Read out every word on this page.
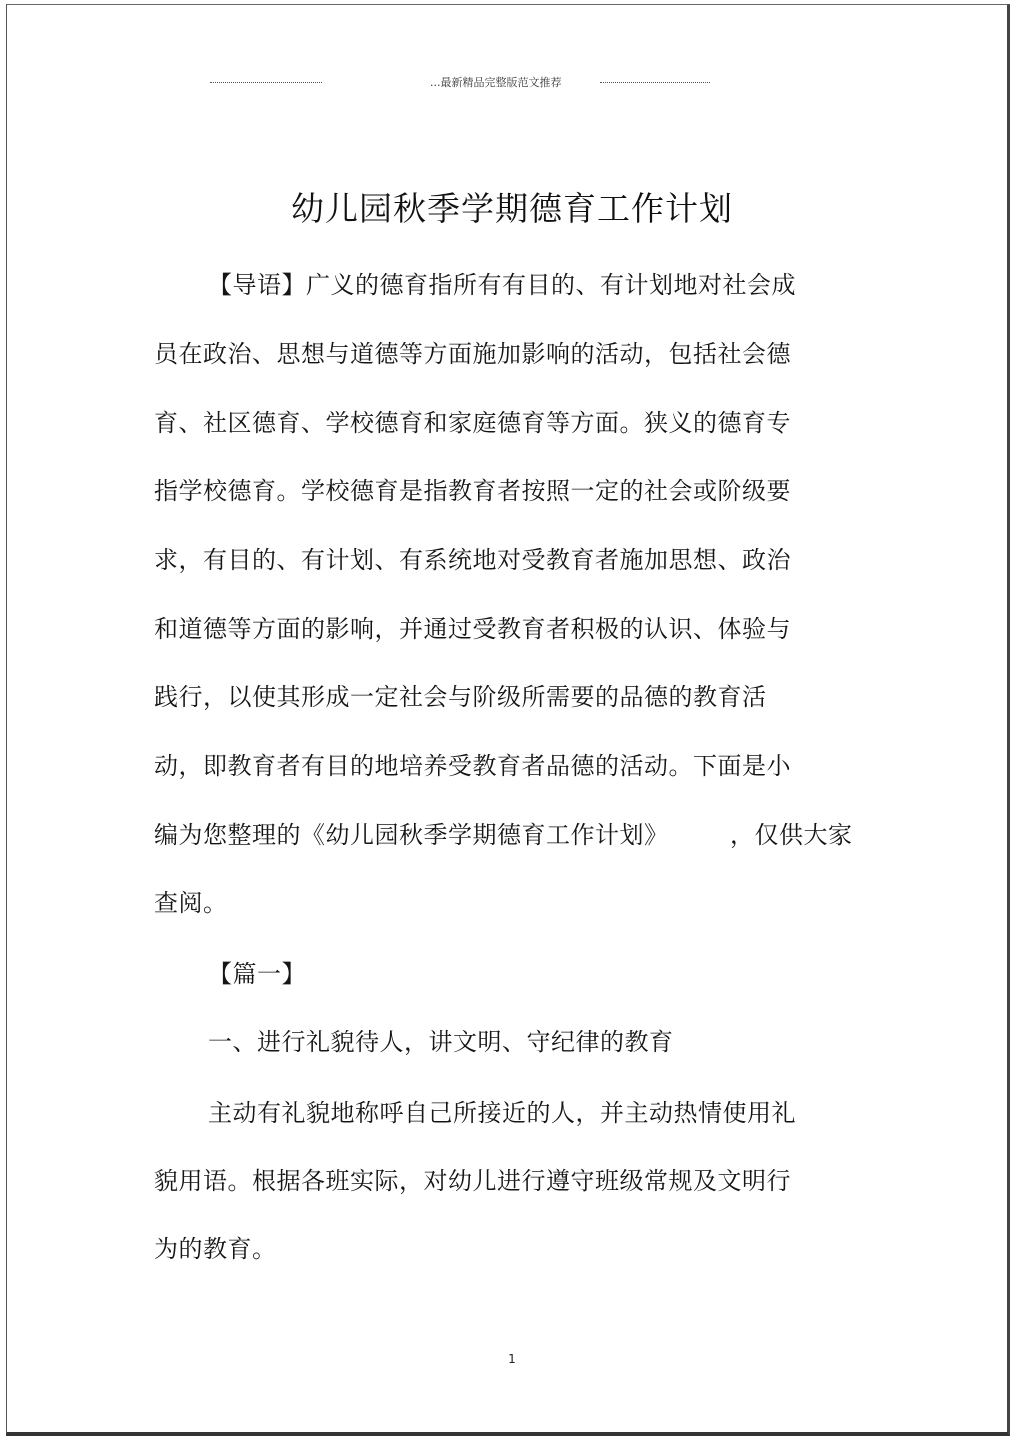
...最新精品完整版范文推荐
幼儿园秋季学期德育工作计划
【导语】广义的德育指所有有目的、有计划地对社会成
员在政治、思想与道德等方面施加影响的活动，包括社会德
育、社区德育、学校德育和家庭德育等方面。狭义的德育专
指学校德育。学校德育是指教育者按照一定的社会或阶级要
求，有目的、有计划、有系统地对受教育者施加思想、政治
和道德等方面的影响，并通过受教育者积极的认识、体验与
践行，以使其形成一定社会与阶级所需要的品德的教育活
动，即教育者有目的地培养受教育者品德的活动。下面是小
编为您整理的《幼儿园秋季学期德育工作计划》　　　，仅供大家
查阅。
【篇一】
一、进行礼貌待人，讲文明、守纪律的教育
主动有礼貌地称呼自己所接近的人，并主动热情使用礼
貌用语。根据各班实际，对幼儿进行遵守班级常规及文明行
为的教育。
1
